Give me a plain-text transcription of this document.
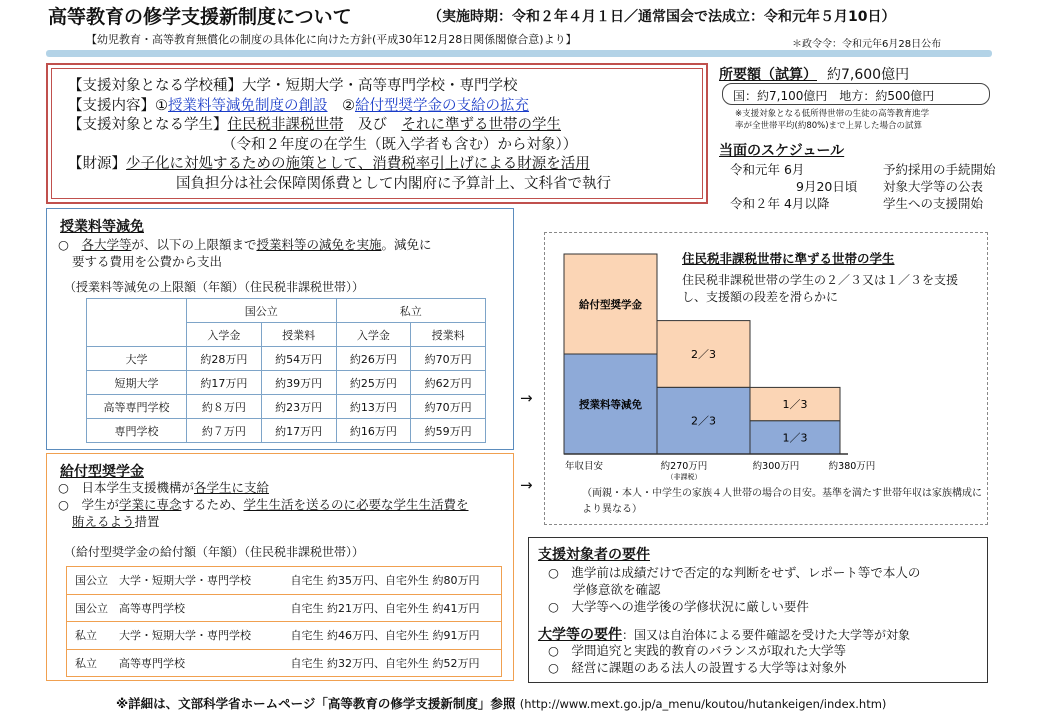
高等教育の修学支援新制度について	（実施時期：令和２年４月１日／通常国会で法成立：令和元年５月10日）
【幼児教育・高等教育無償化の制度の具体化に向けた方針(平成30年12月28日関係閣僚合意)より】	＊政令令：令和元年6月28日公布
【支援対象となる学校種】大学・短期大学・高等専門学校・専門学校
【支援内容】①授業料等減免制度の創設　 ②給付型奨学金の支給の拡充
【支援対象となる学生】住民税非課税世帯　 及び　 それに準ずる世帯の学生
（令和２年度の在学生（既入学者も含む）から対象））
【財源】少子化に対処するための施策として、消費税率引上げによる財源を活用
国負担分は社会保障関係費として内閣府に予算計上、文科省で執行
所要額（試算） 約7,600億円
国：約7,100億円　地方：約500億円
※支援対象となる低所得世帯の生徒の高等教育進学
率が全世帯平均(約80%)まで上昇した場合の試算
当面のスケジュール
令和元年 6月	予約採用の手続開始
9月20日頃 対象大学等の公表
令和２年 4月以降	学生への支援開始
授業料等減免
○　 各大学等が、以下の上限額まで授業料等の減免を実施。減免に
要する費用を公費から支出
（授業料等減免の上限額（年額）（住民税非課税世帯））
	国公立		私立	
	入学金	授業料	入学金	授業料
大学	約28万円	約54万円	約26万円	約70万円
短期大学	約17万円	約39万円	約25万円	約62万円
高等専門学校	約８万円	約23万円	約13万円	約70万円
専門学校	約７万円	約17万円	約16万円	約59万円
給付型奨学金
○　 日本学生支援機構が各学生に支給
○　 学生が学業に専念するため、学生生活を送るのに必要な学生生活費を
賄えるよう措置
（給付型奨学金の給付額（年額）（住民税非課税世帯））
国公立　大学・短期大学・専門学校	自宅生 約35万円、自宅外生 約80万円
国公立　高等専門学校	自宅生 約21万円、自宅外生 約41万円
私立　　大学・短期大学・専門学校	自宅生 約46万円、自宅外生 約91万円
私立　　高等専門学校	自宅生 約32万円、自宅外生 約52万円
→
→
授業料等減免
給付型奨学金
2／3
2／3
1／3
1／3
年収目安	約270万円	約300万円	約380万円
（非課税）
住民税非課税世帯に準ずる世帯の学生
住民税非課税世帯の学生の２／３又は１／３を支援し、支援額の段差を滑らかに
（両親・本人・中学生の家族４人世帯の場合の目安。基準を満たす世帯年収は家族構成により異なる）
支援対象者の要件
○　進学前は成績だけで否定的な判断をせず、レポート等で本人の
　　学修意欲を確認
○　大学等への進学後の学修状況に厳しい要件
大学等の要件：国又は自治体による要件確認を受けた大学等が対象
○　学問追究と実践的教育のバランスが取れた大学等
○　経営に課題のある法人の設置する大学等は対象外
※詳細は、文部科学省ホームページ「高等教育の修学支援新制度」参照 (http://www.mext.go.jp/a_menu/koutou/hutankeigen/index.htm)
